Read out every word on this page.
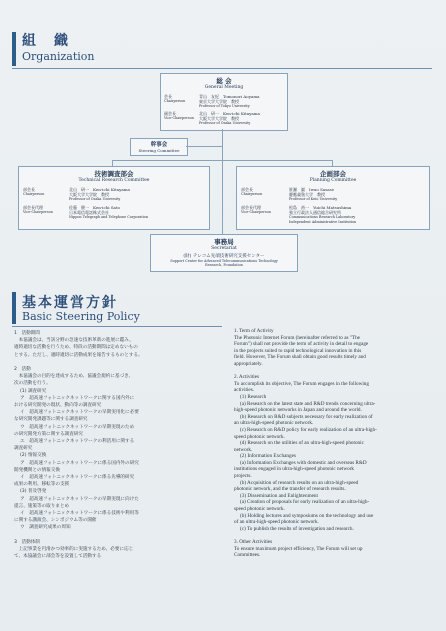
組　織
Organization
総 会
General Meeting
会長
Chairperson
青山　友紀　Tomonori Aoyama
東京大学大学院　教授
Professor of Tokyo University
副会長
Vice-Chairperson
北山　研一　Ken-ichi Kitayama
大阪大学大学院　教授
Professor of Osaka University
幹事会
Steering Committee
技術調査部会
Technical Research Committee
部会長
Chairperson
北山　研一　Ken-ichi Kitayama
大阪大学大学院　教授
Professor of Osaka University
部会長代理
Vice-Chairperson
佐藤　健一　Ken-ichi Sato
日本電信電話株式会社
Nippon Telegraph and Telephone Corporation
企画部会
Planning Committee
部会長
Chairperson
笹瀬　巌　Iwao Sasase
慶應義塾大学　教授
Professor of Keio University
部会長代理
Vice-Chairperson
松島　裕一　Yuichi Matsushima
独立行政法人通信総合研究所
Communications Research Laboratory
Independent Administrative Institution
事務局
Secretariat
(財) テレコム先端技術研究支援センター
Support Center for Advanced Telecommunications Technology
Research, Foundation
基本運営方針
Basic Steering Policy

1　活動期間

　本協議会は、当該分野の急速な技術革新の進展に鑑み、

適時適切な活動を行うため、特段の活動期間は定めないもの

とする。ただし、適時適切に活動成果を報告するものとする。

2　活動

　本協議会の目的を達成するため、協議会規約に基づき、

次の活動を行う。

(1) 調査研究

ア　超高速フォトニックネットワークに関する国内外に

おける研究開発の現状、動向等の調査研究

イ　超高速フォトニックネットワークの早期実用化に必要

な研究開発課題等に関する調査研究

ウ　超高速フォトニックネットワークの早期実現のため

の研究開発方策に関する調査研究

エ　超高速フォトニックネットワークの利活用に関する

調査研究

(2) 情報交換

ア　超高速フォトニックネットワークに係る国内外の研究

開発機関との情報交換

イ　超高速フォトニックネットワークに係る先導的研究

成果の利用、移転等の支援

(3) 普及啓発

ア　超高速フォトニックネットワークの早期実現に向けた

提言、施策等の取りまとめ

イ　超高速フォトニックネットワークに係る技術や利用等

に関する講演会、シンポジウム等の開催

ウ　調査研究成果の周知

3　活動体制

　上記事業を円滑かつ効率的に実施するため、必要に応じ

て、本協議会に部会等を設置して活動する

1. Term of Activity

The Photonic Internet Forum (hereinafter referred to as "The

Forum") shall not provide the term of activity in detail to engage

in the projects suited to rapid technological innovation in this

field. However, The Forum shall obtain good results timely and

appropriately.

2. Activities

To accomplish its objective, The Forum engages in the following

activities.

(1) Research

(a) Research on the latest state and R&D trends concerning ultra-

high-speed photonic networks in Japan and around the world.

(b) Research on R&D subjects necessary for early realization of

an ultra-high-speed photonic network.

(c) Research on R&D policy for early realization of an ultra-high-

speed photonic network.

(d) Research on the utilities of an ultra-high-speed photonic

network.

(2) Information Exchanges

(a) Information Exchanges with domestic and overseas R&D

institutions engaged in ultra-high-speed photonic network

projects.

(b) Acquisition of research results on an ultra-high-speed

photonic network, and the transfer of research results.

(3) Dissemination and Enlightenment

(a) Creation of proposals for early realization of an ultra-high-

speed photonic network.

(b) Holding lectures and symposiums on the technology and use

of an ultra-high-speed photonic network.

(c) To publish the results of investigation and research.

3. Other Activities

To ensure maximum project efficiency, The Forum will set up

Committees.
